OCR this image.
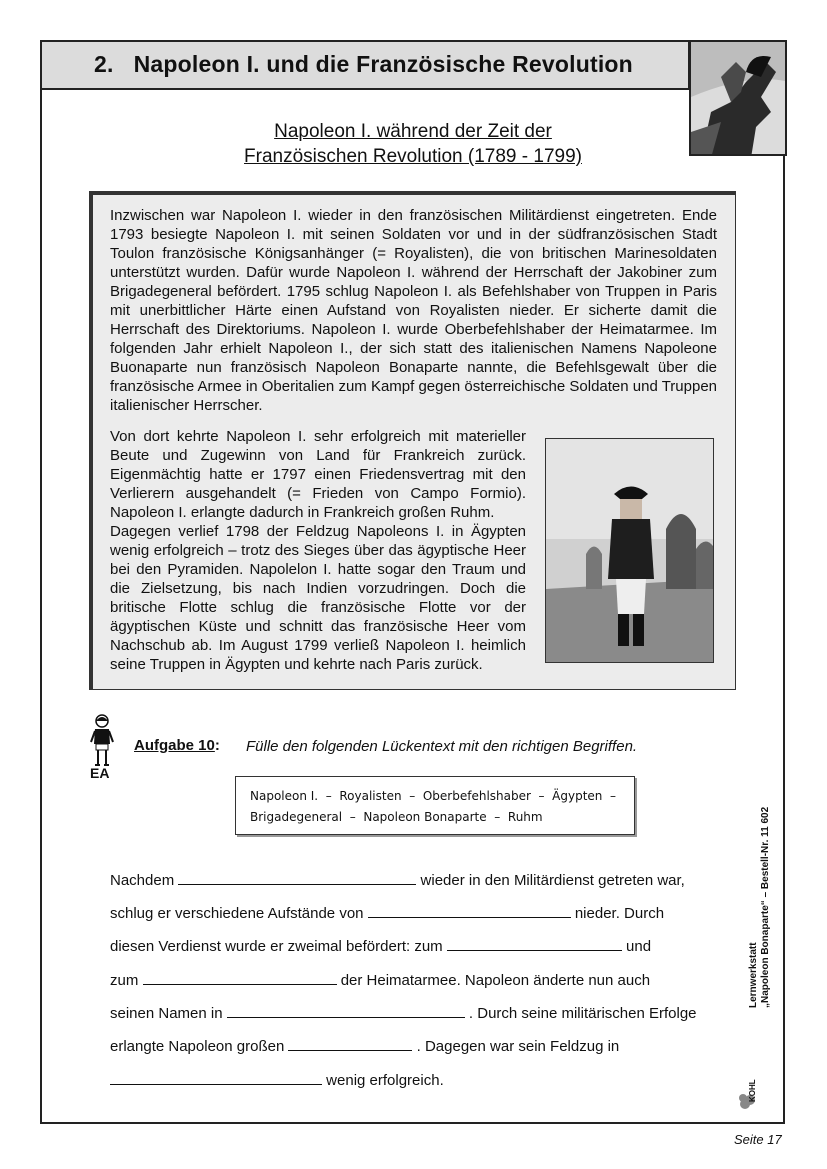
2. Napoleon I. und die Französische Revolution
Napoleon I. während der Zeit der
Französischen Revolution (1789 - 1799)

Inzwischen war Napoleon I. wieder in den französischen Militärdienst eingetreten. Ende 1793 besiegte Napoleon I. mit seinen Soldaten vor und in der südfranzösischen Stadt Toulon französische Königsanhänger (= Royalisten), die von britischen Marinesoldaten unterstützt wurden. Dafür wurde Napoleon I. während der Herrschaft der Jakobiner zum Brigadegeneral befördert. 1795 schlug Napoleon I. als Befehlshaber von Truppen in Paris mit unerbittlicher Härte einen Aufstand von Royalisten nieder. Er sicherte damit die Herrschaft des Direktoriums. Napoleon I. wurde Oberbefehlshaber der Heimatarmee. Im folgenden Jahr erhielt Napoleon I., der sich statt des italienischen Namens Napoleone Buonaparte nun französisch Napoleon Bonaparte nannte, die Befehlsgewalt über die französische Armee in Oberitalien zum Kampf gegen österreichische Soldaten und Truppen italienischer Herrscher.

Von dort kehrte Napoleon I. sehr erfolgreich mit materieller Beute und Zugewinn von Land für Frankreich zurück. Eigenmächtig hatte er 1797 einen Friedensvertrag mit den Verlierern ausgehandelt (= Frieden von Campo Formio). Napoleon I. erlangte dadurch in Frankreich großen Ruhm.
Dagegen verlief 1798 der Feldzug Napoleons I. in Ägypten wenig erfolgreich – trotz des Sieges über das ägyptische Heer bei den Pyramiden. Napolelon I. hatte sogar den Traum und die Zielsetzung, bis nach Indien vorzudringen. Doch die britische Flotte schlug die französische Flotte vor der ägyptischen Küste und schnitt das französische Heer vom Nachschub ab. Im August 1799 verließ Napoleon I. heimlich seine Truppen in Ägypten und kehrte nach Paris zurück.
EA
Aufgabe 10: Fülle den folgenden Lückentext mit den richtigen Begriffen.
Napoleon I.  –  Royalisten  –  Oberbefehlshaber  –  Ägypten  –
Brigadegeneral  –  Napoleon Bonaparte  –  Ruhm
Nachdem	wieder in den Militärdienst getreten war,
schlug er verschiedene Aufstände von	nieder. Durch
diesen Verdienst wurde er zweimal befördert: zum	und
zum	der Heimatarmee. Napoleon änderte nun auch
seinen Namen in	. Durch seine militärischen Erfolge
erlangte Napoleon großen	. Dagegen war sein Feldzug in
wenig erfolgreich.
Lernwerkstatt „Napoleon Bonaparte“ – Bestell-Nr. 11 602
KOHL
Seite 17
